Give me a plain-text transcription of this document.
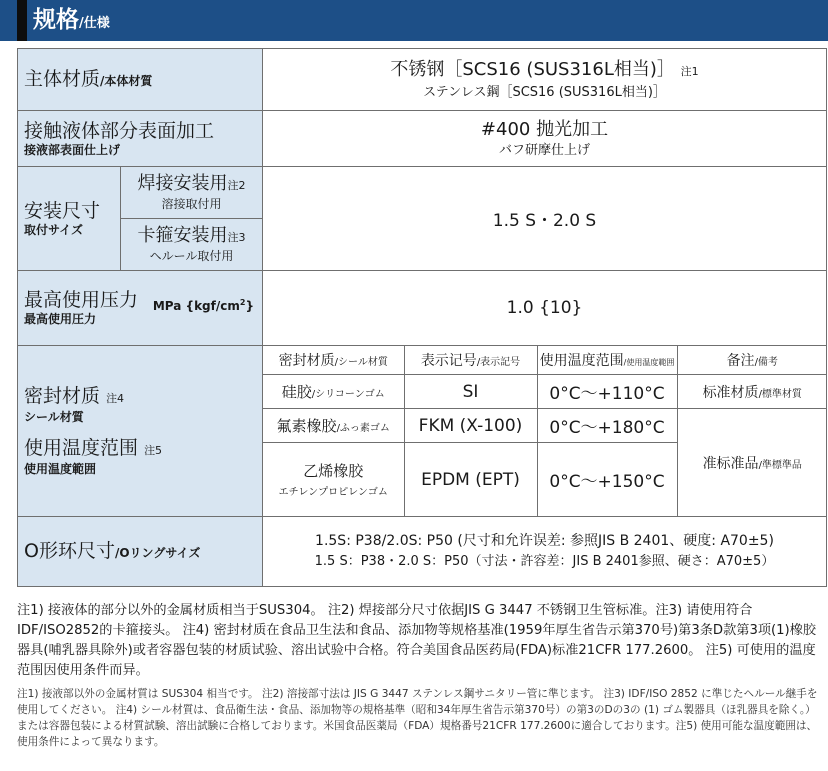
规格/仕様
主体材质/本体材質	
不锈钢［SCS16 (SUS316L相当)］ 注1
ステンレス鋼［SCS16 (SUS316L相当)］

接触液体部分表面加工
接液部表面仕上げ

#400 抛光加工
バフ研摩仕上げ

安装尺寸
取付サイズ

焊接安装用注2
溶接取付用
	1.5 S・2.0 S

卡箍安装用注3
ヘルール取付用

最高使用压力
最高使用圧力
MPa $\{kgf/cm^2\}$	1.0 {10}

密封材质 注4
シール材質
使用温度范围 注5
使用温度範囲

密封材质/シール材質	表示记号/表示記号	使用温度范围/使用温度範囲	备注/備考
硅胶/シリコーンゴム	SI	0°C～+110°C	标准材质/標準材質
氟素橡胶/ふっ素ゴム	FKM (X-100)	0°C～+180°C	准标准品/準標準品

乙烯橡胶
エチレンプロピレンゴム	EPDM (EPT)	0°C～+150°C

O形环尺寸/Oリングサイズ	
1.5S: P38/2.0S: P50 (尺寸和允许误差: 参照JIS B 2401、硬度: A70±5)
1.5 S：P38・2.0 S：P50（寸法・許容差：JIS B 2401参照、硬さ：A70±5）
注1) 接液体的部分以外的金属材质相当于SUS304。 注2) 焊接部分尺寸依据JIS G 3447 不锈钢卫生管标准。注3) 请使用符合IDF/ISO2852的卡箍接头。 注4) 密封材质在食品卫生法和食品、添加物等规格基准(1959年厚生省告示第370号)第3条D款第3项(1)橡胶器具(哺乳器具除外)或者容器包装的材质试验、溶出试验中合格。符合美国食品医药局(FDA)标准21CFR 177.2600。 注5) 可使用的温度范围因使用条件而异。
注1) 接液部以外の金属材質は SUS304 相当です。 注2) 溶接部寸法は JIS G 3447 ステンレス鋼サニタリー管に準じます。 注3) IDF/ISO 2852 に準じたヘルール継手を使用してください。 注4) シール材質は、食品衛生法・食品、添加物等の規格基準（昭和34年厚生省告示第370号）の第3のDの3の (1) ゴム製器具（ほ乳器具を除く。）または容器包装による材質試験、溶出試験に合格しております。米国食品医薬局（FDA）規格番号21CFR 177.2600に適合しております。注5) 使用可能な温度範囲は、使用条件によって異なります。
